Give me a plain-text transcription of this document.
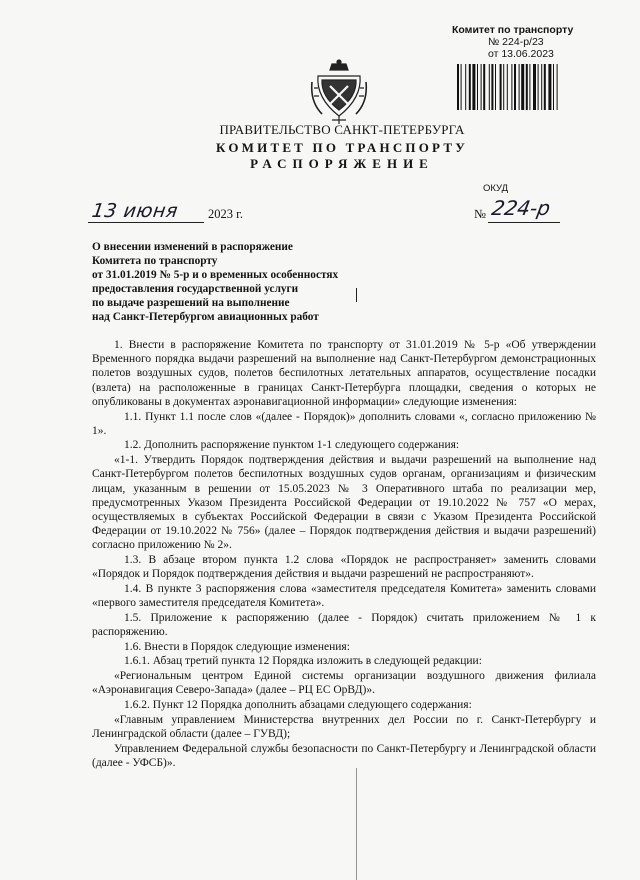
Комитет по транспорту
№ 224-р/23
от 13.06.2023
ПРАВИТЕЛЬСТВО САНКТ-ПЕТЕРБУРГА
КОМИТЕТ ПО ТРАНСПОРТУ
РАСПОРЯЖЕНИЕ
ОКУД
13 июня 2023 г.	№ 224-р
О внесении изменений в распоряжение
Комитета по транспорту
от 31.01.2019 № 5-р и о временных особенностях
предоставления государственной услуги
по выдаче разрешений на выполнение
над Санкт-Петербургом авиационных работ

1. Внести в распоряжение Комитета по транспорту от 31.01.2019 № 5-р «Об утверждении Временного порядка выдачи разрешений на выполнение над Санкт-Петербургом демонстрационных полетов воздушных судов, полетов беспилотных летательных аппаратов, осуществление посадки (взлета) на расположенные в границах Санкт-Петербурга площадки, сведения о которых не опубликованы в документах аэронавигационной информации» следующие изменения:

1.1. Пункт 1.1 после слов «(далее - Порядок)» дополнить словами «, согласно приложению № 1».

1.2. Дополнить распоряжение пунктом 1-1 следующего содержания:

«1-1. Утвердить Порядок подтверждения действия и выдачи разрешений на выполнение над Санкт-Петербургом полетов беспилотных воздушных судов органам, организациям и физическим лицам, указанным в решении от 15.05.2023 № 3 Оперативного штаба по реализации мер, предусмотренных Указом Президента Российской Федерации от 19.10.2022 № 757 «О мерах, осуществляемых в субъектах Российской Федерации в связи с Указом Президента Российской Федерации от 19.10.2022 № 756» (далее – Порядок подтверждения действия и выдачи разрешений) согласно приложению № 2».

1.3. В абзаце втором пункта 1.2 слова «Порядок не распространяет» заменить словами «Порядок и Порядок подтверждения действия и выдачи разрешений не распространяют».

1.4. В пункте 3 распоряжения слова «заместителя председателя Комитета» заменить словами «первого заместителя председателя Комитета».

1.5. Приложение к распоряжению (далее - Порядок) считать приложением № 1 к распоряжению.

1.6. Внести в Порядок следующие изменения:

1.6.1. Абзац третий пункта 12 Порядка изложить в следующей редакции:

«Региональным центром Единой системы организации воздушного движения филиала «Аэронавигация Северо-Запада» (далее – РЦ ЕС ОрВД)».

1.6.2. Пункт 12 Порядка дополнить абзацами следующего содержания:

«Главным управлением Министерства внутренних дел России по г. Санкт-Петербургу и Ленинградской области (далее – ГУВД);

Управлением Федеральной службы безопасности по Санкт-Петербургу и Ленинградской области (далее - УФСБ)».
